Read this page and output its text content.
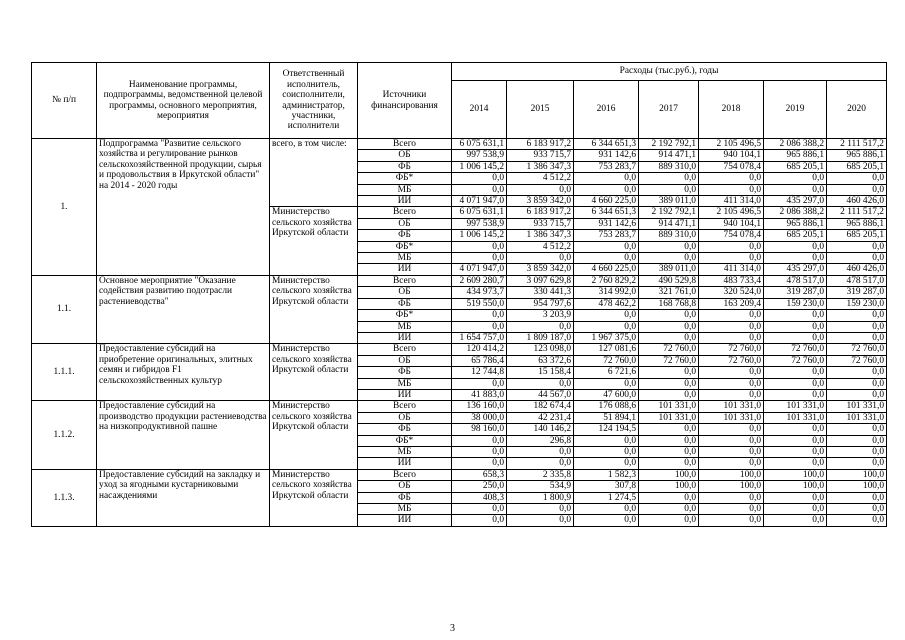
№ п/п	Наименование программы, подпрограммы, ведомственной целевой программы, основного мероприятия, мероприятия	Ответственный исполнитель, соисполнители, администратор, участники, исполнители	Источники финансирования	Расходы (тыс.руб.), годы						
				2014	2015	2016	2017	2018	2019	2020
1.	Подпрограмма "Развитие сельского хозяйства и регулирование рынков сельскохозяйственной продукции, сырья и продовольствия в Иркутской области" на 2014 - 2020 годы	всего, в том числе:	Всего	6 075 631,1	6 183 917,2	6 344 651,3	2 192 792,1	2 105 496,5	2 086 388,2	2 111 517,2
			ОБ	997 538,9	933 715,7	931 142,6	914 471,1	940 104,1	965 886,1	965 886,1
			ФБ	1 006 145,2	1 386 347,3	753 283,7	889 310,0	754 078,4	685 205,1	685 205,1
			ФБ*	0,0	4 512,2	0,0	0,0	0,0	0,0	0,0
			МБ	0,0	0,0	0,0	0,0	0,0	0,0	0,0
			ИИ	4 071 947,0	3 859 342,0	4 660 225,0	389 011,0	411 314,0	435 297,0	460 426,0
		Министерство сельского хозяйства Иркутской области	Всего	6 075 631,1	6 183 917,2	6 344 651,3	2 192 792,1	2 105 496,5	2 086 388,2	2 111 517,2
			ОБ	997 538,9	933 715,7	931 142,6	914 471,1	940 104,1	965 886,1	965 886,1
			ФБ	1 006 145,2	1 386 347,3	753 283,7	889 310,0	754 078,4	685 205,1	685 205,1
			ФБ*	0,0	4 512,2	0,0	0,0	0,0	0,0	0,0
			МБ	0,0	0,0	0,0	0,0	0,0	0,0	0,0
			ИИ	4 071 947,0	3 859 342,0	4 660 225,0	389 011,0	411 314,0	435 297,0	460 426,0
1.1.	Основное мероприятие "Оказание содействия развитию подотрасли растениеводства"	Министерство сельского хозяйства Иркутской области	Всего	2 609 280,7	3 097 629,8	2 760 829,2	490 529,8	483 733,4	478 517,0	478 517,0
			ОБ	434 973,7	330 441,3	314 992,0	321 761,0	320 524,0	319 287,0	319 287,0
			ФБ	519 550,0	954 797,6	478 462,2	168 768,8	163 209,4	159 230,0	159 230,0
			ФБ*	0,0	3 203,9	0,0	0,0	0,0	0,0	0,0
			МБ	0,0	0,0	0,0	0,0	0,0	0,0	0,0
			ИИ	1 654 757,0	1 809 187,0	1 967 375,0	0,0	0,0	0,0	0,0
1.1.1.	Предоставление субсидий на приобретение оригинальных, элитных семян и гибридов F1 сельскохозяйственных культур	Министерство сельского хозяйства Иркутской области	Всего	120 414,2	123 098,0	127 081,6	72 760,0	72 760,0	72 760,0	72 760,0
			ОБ	65 786,4	63 372,6	72 760,0	72 760,0	72 760,0	72 760,0	72 760,0
			ФБ	12 744,8	15 158,4	6 721,6	0,0	0,0	0,0	0,0
			МБ	0,0	0,0	0,0	0,0	0,0	0,0	0,0
			ИИ	41 883,0	44 567,0	47 600,0	0,0	0,0	0,0	0,0
1.1.2.	Предоставление субсидий на производство продукции растениеводства на низкопродуктивной пашне	Министерство сельского хозяйства Иркутской области	Всего	136 160,0	182 674,4	176 088,6	101 331,0	101 331,0	101 331,0	101 331,0
			ОБ	38 000,0	42 231,4	51 894,1	101 331,0	101 331,0	101 331,0	101 331,0
			ФБ	98 160,0	140 146,2	124 194,5	0,0	0,0	0,0	0,0
			ФБ*	0,0	296,8	0,0	0,0	0,0	0,0	0,0
			МБ	0,0	0,0	0,0	0,0	0,0	0,0	0,0
			ИИ	0,0	0,0	0,0	0,0	0,0	0,0	0,0
1.1.3.	Предоставление субсидий на закладку и уход за ягодными кустарниковыми насаждениями	Министерство сельского хозяйства Иркутской области	Всего	658,3	2 335,8	1 582,3	100,0	100,0	100,0	100,0
			ОБ	250,0	534,9	307,8	100,0	100,0	100,0	100,0
			ФБ	408,3	1 800,9	1 274,5	0,0	0,0	0,0	0,0
			МБ	0,0	0,0	0,0	0,0	0,0	0,0	0,0
			ИИ	0,0	0,0	0,0	0,0	0,0	0,0	0,0
3
